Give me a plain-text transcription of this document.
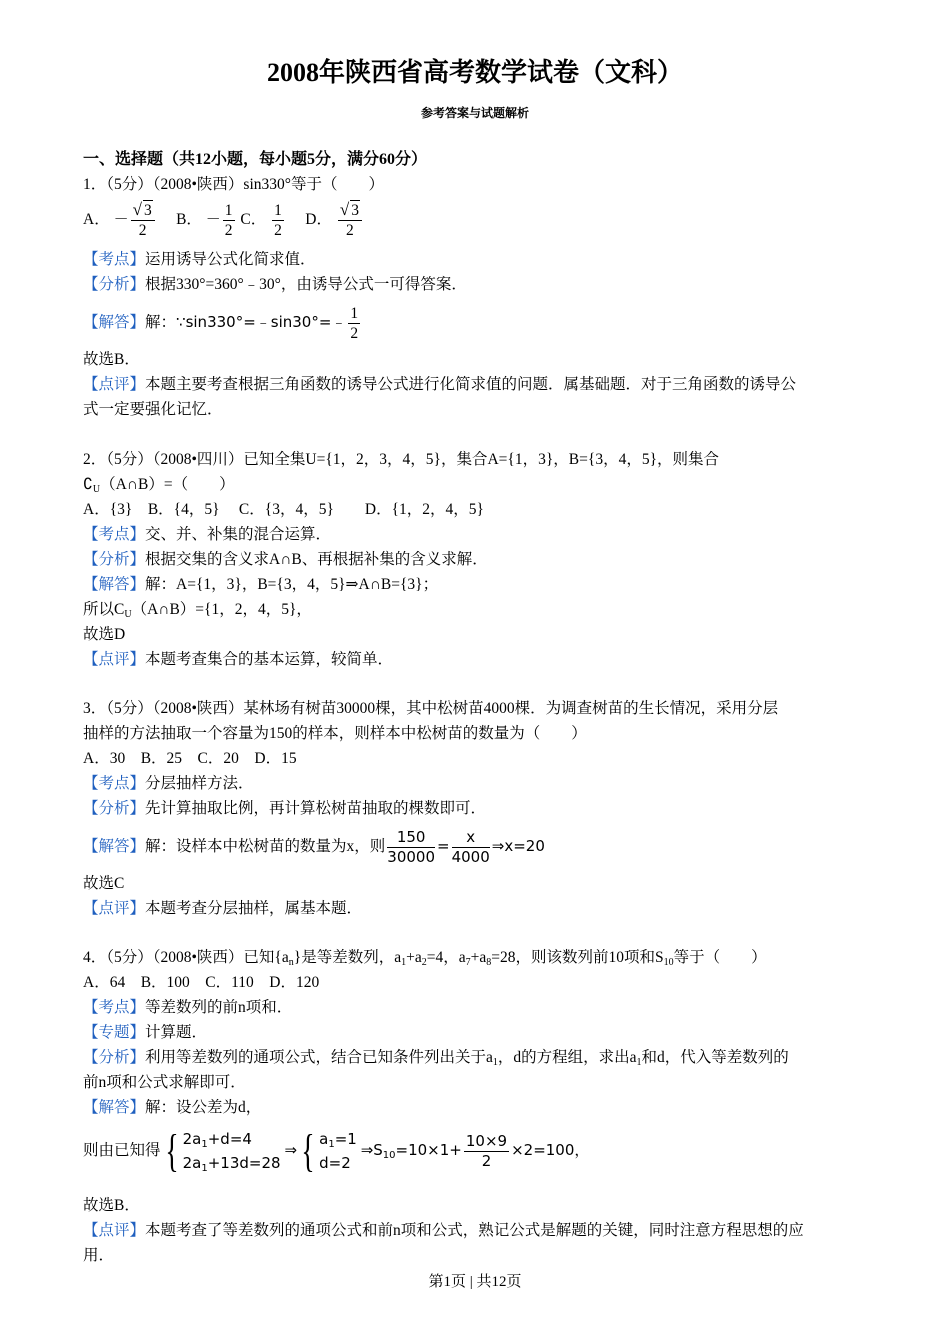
2008年陕西省高考数学试卷（文科）
参考答案与试题解析
一、选择题（共12小题，每小题5分，满分60分）
1．（5分）（2008•陕西）sin330°等于（　　）
A． － $\frac{√ 3}{2}$ B． － $\frac{1}{2}$ C． $\frac{1}{2}$ D． $\frac{√ 3}{2}$
【考点】运用诱导公式化简求值．
【分析】根据330°=360°﹣30°，由诱导公式一可得答案．
【解答】解：∵sin330°=﹣sin30°=﹣ $\frac{1}{2}$
故选B．
【点评】本题主要考查根据三角函数的诱导公式进行化简求值的问题．属基础题．对于三角函数的诱导公
式一定要强化记忆．
2．（5分）（2008•四川）已知全集U={1，2，3，4，5}，集合A={1，3}，B={3，4，5}，则集合
$∁_U(A\cap B)=$（　　）
A．{3}　B．{4，5}　 C．{3，4，5}　　D．{1，2，4，5}
【考点】交、并、补集的混合运算．
【分析】根据交集的含义求A∩B、再根据补集的含义求解．
【解答】解：A={1，3}，B={3，4，5}⇒A∩B={3}；
所以$C_U(A\cap B)=\{1$，2，4，5}，
故选D
【点评】本题考查集合的基本运算，较简单．
3．（5分）（2008•陕西）某林场有树苗30000棵，其中松树苗4000棵．为调查树苗的生长情况，采用分层
抽样的方法抽取一个容量为150的样本，则样本中松树苗的数量为（　　）
A．30　B．25　C．20　D．15
【考点】分层抽样方法．
【分析】先计算抽取比例，再计算松树苗抽取的棵数即可．
【解答】解：设样本中松树苗的数量为x，则 $\frac{150}{30000} = \frac{x}{4000}$ ⇒x=20
故选C
【点评】本题考查分层抽样，属基本题．
4．（5分）（2008•陕西）已知$\{a_n\}$是等差数列，$a_1+a_2=4$，$a_7+a_8=28$，则该数列前10项和$S_{10}$等于（　　）
A．64　B．100　C．110　D．120
【考点】等差数列的前n项和．
【专题】计算题．
【分析】利用等差数列的通项公式，结合已知条件列出关于$a_1$，d的方程组，求出$a_1$和d，代入等差数列的
前n项和公式求解即可．
【解答】解：设公差为d，
则由已知得{ $2a_1+d=4$
$2a_1+13d=28$
⇒{ $a_1=1$
d=2
$\Rightarrow S_{10}=10\times 1+ \frac{10\times 9}{2} \times 2=100$，
故选B．
【点评】本题考查了等差数列的通项公式和前n项和公式，熟记公式是解题的关键，同时注意方程思想的应
用．
第1页 | 共12页
